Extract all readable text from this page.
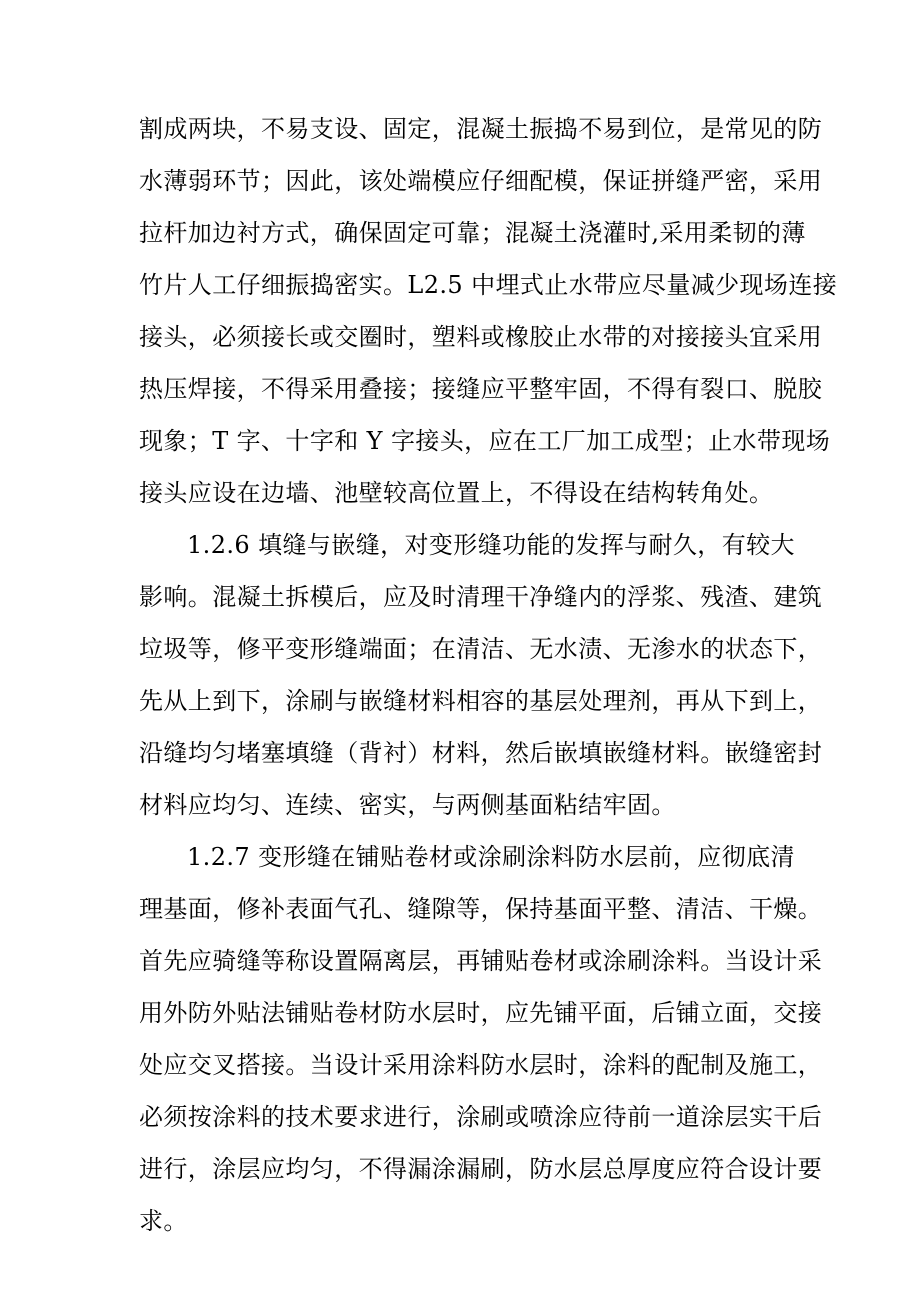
割成两块，不易支设、固定，混凝土振捣不易到位，是常见的防
水薄弱环节；因此，该处端模应仔细配模，保证拼缝严密，采用
拉杆加边衬方式，确保固定可靠；混凝土浇灌时,采用柔韧的薄
竹片人工仔细振捣密实。L2.5 中埋式止水带应尽量减少现场连接
接头，必须接长或交圈时，塑料或橡胶止水带的对接接头宜采用
热压焊接，不得采用叠接；接缝应平整牢固，不得有裂口、脱胶
现象；T 字、十字和 Y 字接头，应在工厂加工成型；止水带现场
接头应设在边墙、池壁较高位置上，不得设在结构转角处。
1.2.6 填缝与嵌缝，对变形缝功能的发挥与耐久，有较大
影响。混凝土拆模后，应及时清理干净缝内的浮浆、残渣、建筑
垃圾等，修平变形缝端面；在清洁、无水渍、无渗水的状态下，
先从上到下，涂刷与嵌缝材料相容的基层处理剂，再从下到上，
沿缝均匀堵塞填缝（背衬）材料，然后嵌填嵌缝材料。嵌缝密封
材料应均匀、连续、密实，与两侧基面粘结牢固。
1.2.7 变形缝在铺贴卷材或涂刷涂料防水层前，应彻底清
理基面，修补表面气孔、缝隙等，保持基面平整、清洁、干燥。
首先应骑缝等称设置隔离层，再铺贴卷材或涂刷涂料。当设计采
用外防外贴法铺贴卷材防水层时，应先铺平面，后铺立面，交接
处应交叉搭接。当设计采用涂料防水层时，涂料的配制及施工，
必须按涂料的技术要求进行，涂刷或喷涂应待前一道涂层实干后
进行，涂层应均匀，不得漏涂漏刷，防水层总厚度应符合设计要
求。
